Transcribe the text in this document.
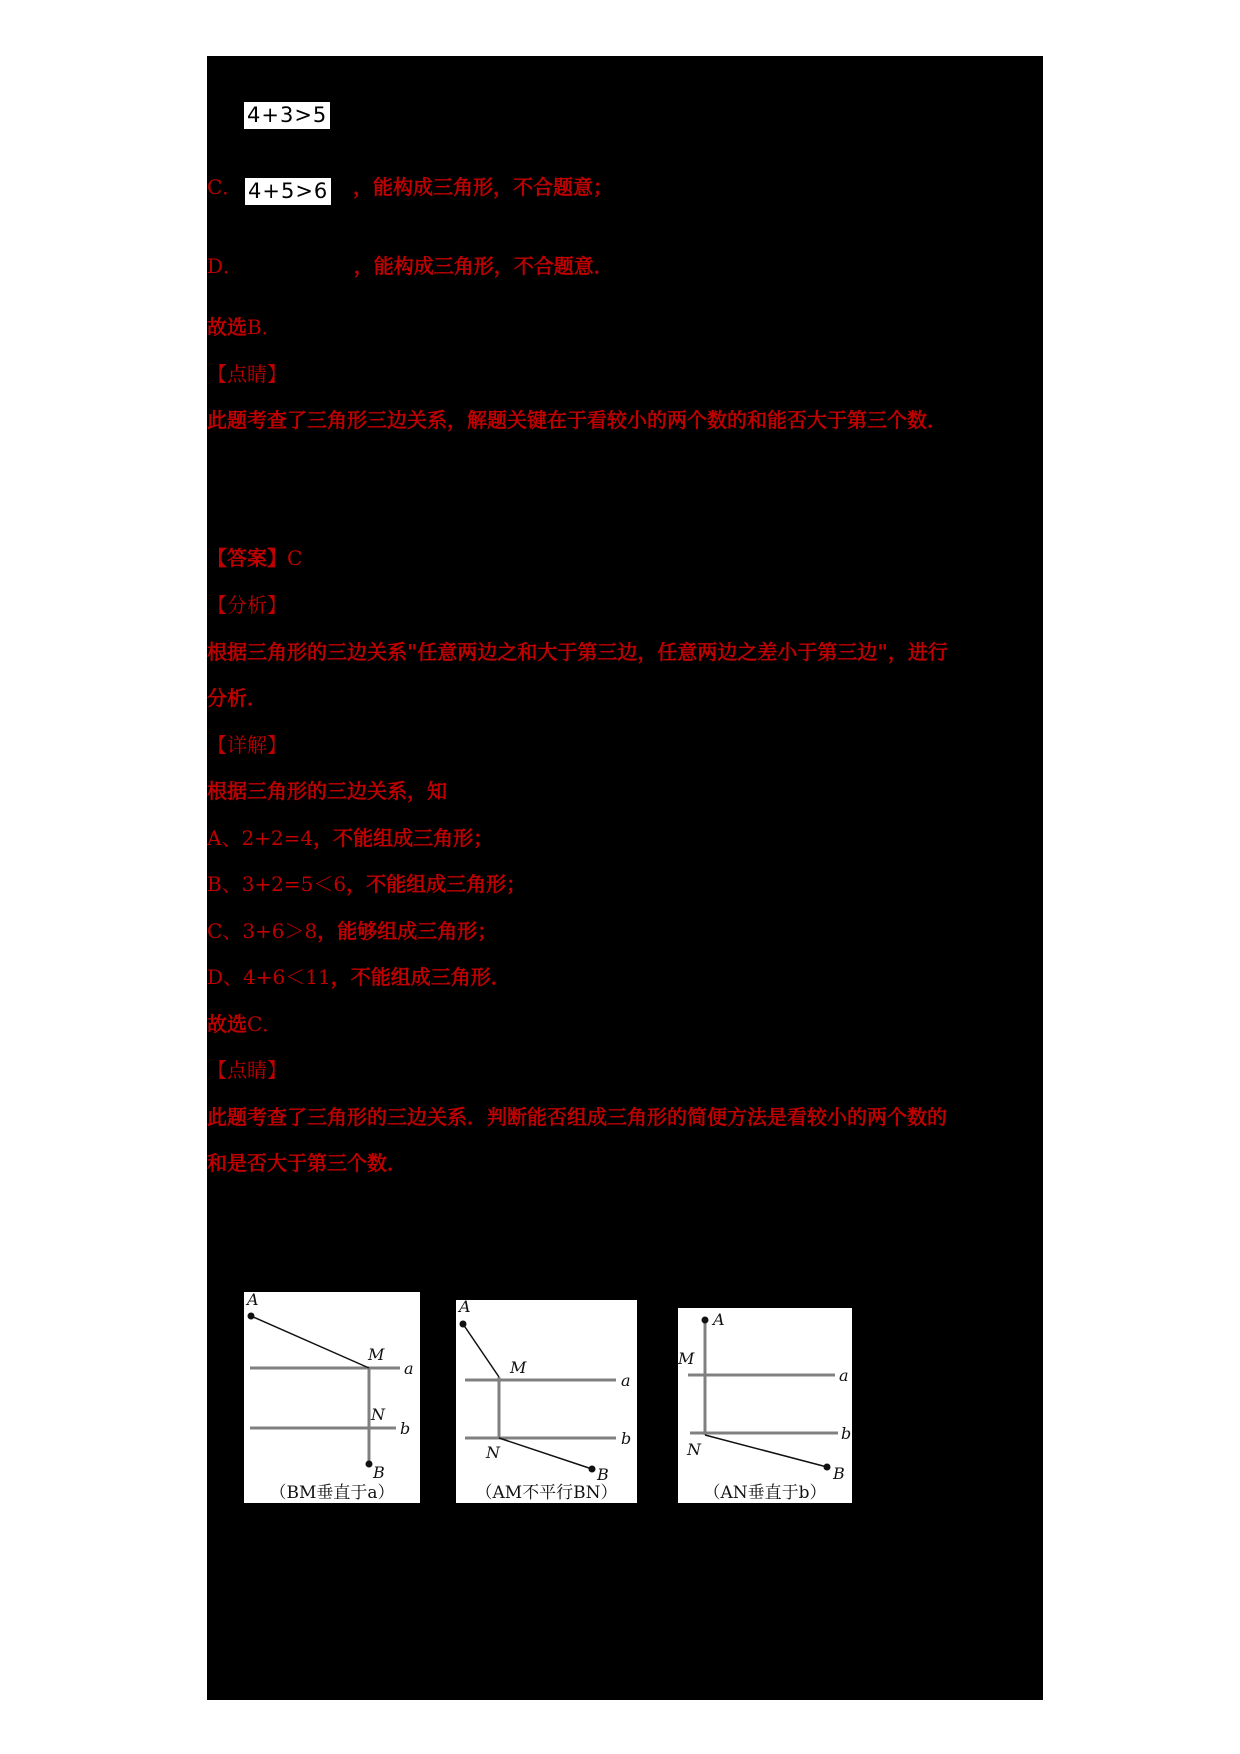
C．	，能构成三角形，不合题意；
4+3>5
D．	，能构成三角形，不合题意．
4+5>6
故选B．
【点睛】
此题考查了三角形三边关系，解题关键在于看较小的两个数的和能否大于第三个数．
【答案】C
【分析】
根据三角形的三边关系"任意两边之和大于第三边，任意两边之差小于第三边"，进行
分析．
【详解】
根据三角形的三边关系，知
A、2+2=4，不能组成三角形；
B、3+2=5＜6，不能组成三角形；
C、3+6＞8，能够组成三角形；
D、4+6＜11，不能组成三角形．
故选C．
【点睛】
此题考查了三角形的三边关系．判断能否组成三角形的简便方法是看较小的两个数的
和是否大于第三个数．
A
M
a
N
b
B
（BM垂直于a）
A
M
a
N
b
B
（AM不平行BN）
A
M
a
N
b
B
（AN垂直于b）
